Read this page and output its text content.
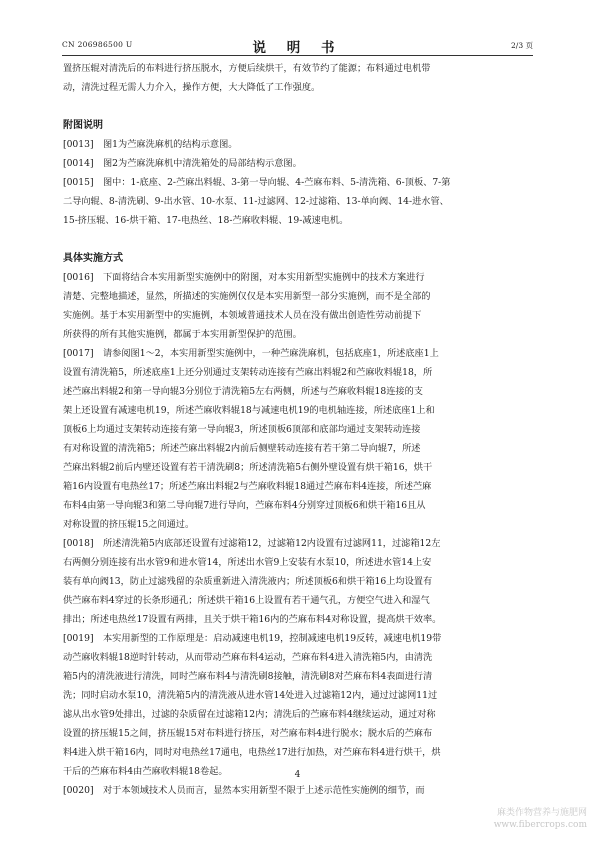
CN 206986500 U	说 明 书	2/3 页

置挤压辊对清洗后的布料进行挤压脱水，方便后续烘干，有效节约了能源；布料通过电机带

动，清洗过程无需人力介入，操作方便，大大降低了工作强度。

附图说明

[0013] 图1为苎麻洗麻机的结构示意图。

[0014] 图2为苎麻洗麻机中清洗箱处的局部结构示意图。

[0015] 图中：1-底座、2-苎麻出料辊、3-第一导向辊、4-苎麻布料、5-清洗箱、6-顶板、7-第

二导向辊、8-清洗刷、9-出水管、10-水泵、11-过滤网、12-过滤箱、13-单向阀、14-进水管、

15-挤压辊、16-烘干箱、17-电热丝、18-苎麻收料辊、19-减速电机。

具体实施方式

[0016] 下面将结合本实用新型实施例中的附图，对本实用新型实施例中的技术方案进行

清楚、完整地描述，显然，所描述的实施例仅仅是本实用新型一部分实施例，而不是全部的

实施例。基于本实用新型中的实施例，本领域普通技术人员在没有做出创造性劳动前提下

所获得的所有其他实施例，都属于本实用新型保护的范围。

[0017] 请参阅图1～2，本实用新型实施例中，一种苎麻洗麻机，包括底座1，所述底座1上

设置有清洗箱5，所述底座1上还分别通过支架转动连接有苎麻出料辊2和苎麻收料辊18，所

述苎麻出料辊2和第一导向辊3分别位于清洗箱5左右两侧，所述与苎麻收料辊18连接的支

架上还设置有减速电机19，所述苎麻收料辊18与减速电机19的电机轴连接，所述底座1上和

顶板6上均通过支架转动连接有第一导向辊3，所述顶板6顶部和底部均通过支架转动连接

有对称设置的清洗箱5；所述苎麻出料辊2内前后侧壁转动连接有若干第二导向辊7，所述

苎麻出料辊2前后内壁还设置有若干清洗刷8；所述清洗箱5右侧外壁设置有烘干箱16，烘干

箱16内设置有电热丝17；所述苎麻出料辊2与苎麻收料辊18通过苎麻布料4连接，所述苎麻

布料4由第一导向辊3和第二导向辊7进行导向，苎麻布料4分别穿过顶板6和烘干箱16且从

对称设置的挤压辊15之间通过。

[0018] 所述清洗箱5内底部还设置有过滤箱12，过滤箱12内设置有过滤网11，过滤箱12左

右两侧分别连接有出水管9和进水管14，所述出水管9上安装有水泵10，所述进水管14上安

装有单向阀13，防止过滤残留的杂质重新进入清洗液内；所述顶板6和烘干箱16上均设置有

供苎麻布料4穿过的长条形通孔；所述烘干箱16上设置有若干通气孔，方便空气进入和湿气

排出；所述电热丝17设置有两排，且关于烘干箱16内的苎麻布料4对称设置，提高烘干效率。

[0019] 本实用新型的工作原理是：启动减速电机19，控制减速电机19反转，减速电机19带

动苎麻收料辊18逆时针转动，从而带动苎麻布料4运动，苎麻布料4进入清洗箱5内，由清洗

箱5内的清洗液进行清洗，同时苎麻布料4与清洗刷8接触，清洗刷8对苎麻布料4表面进行清

洗；同时启动水泵10，清洗箱5内的清洗液从进水管14处进入过滤箱12内，通过过滤网11过

滤从出水管9处排出，过滤的杂质留在过滤箱12内；清洗后的苎麻布料4继续运动，通过对称

设置的挤压辊15之间，挤压辊15对布料进行挤压，对苎麻布料4进行脱水；脱水后的苎麻布

料4进入烘干箱16内，同时对电热丝17通电，电热丝17进行加热，对苎麻布料4进行烘干，烘

干后的苎麻布料4由苎麻收料辊18卷起。

[0020] 对于本领域技术人员而言，显然本实用新型不限于上述示范性实施例的细节，而

4
麻类作物营养与施肥网
www.fibercrops.com
